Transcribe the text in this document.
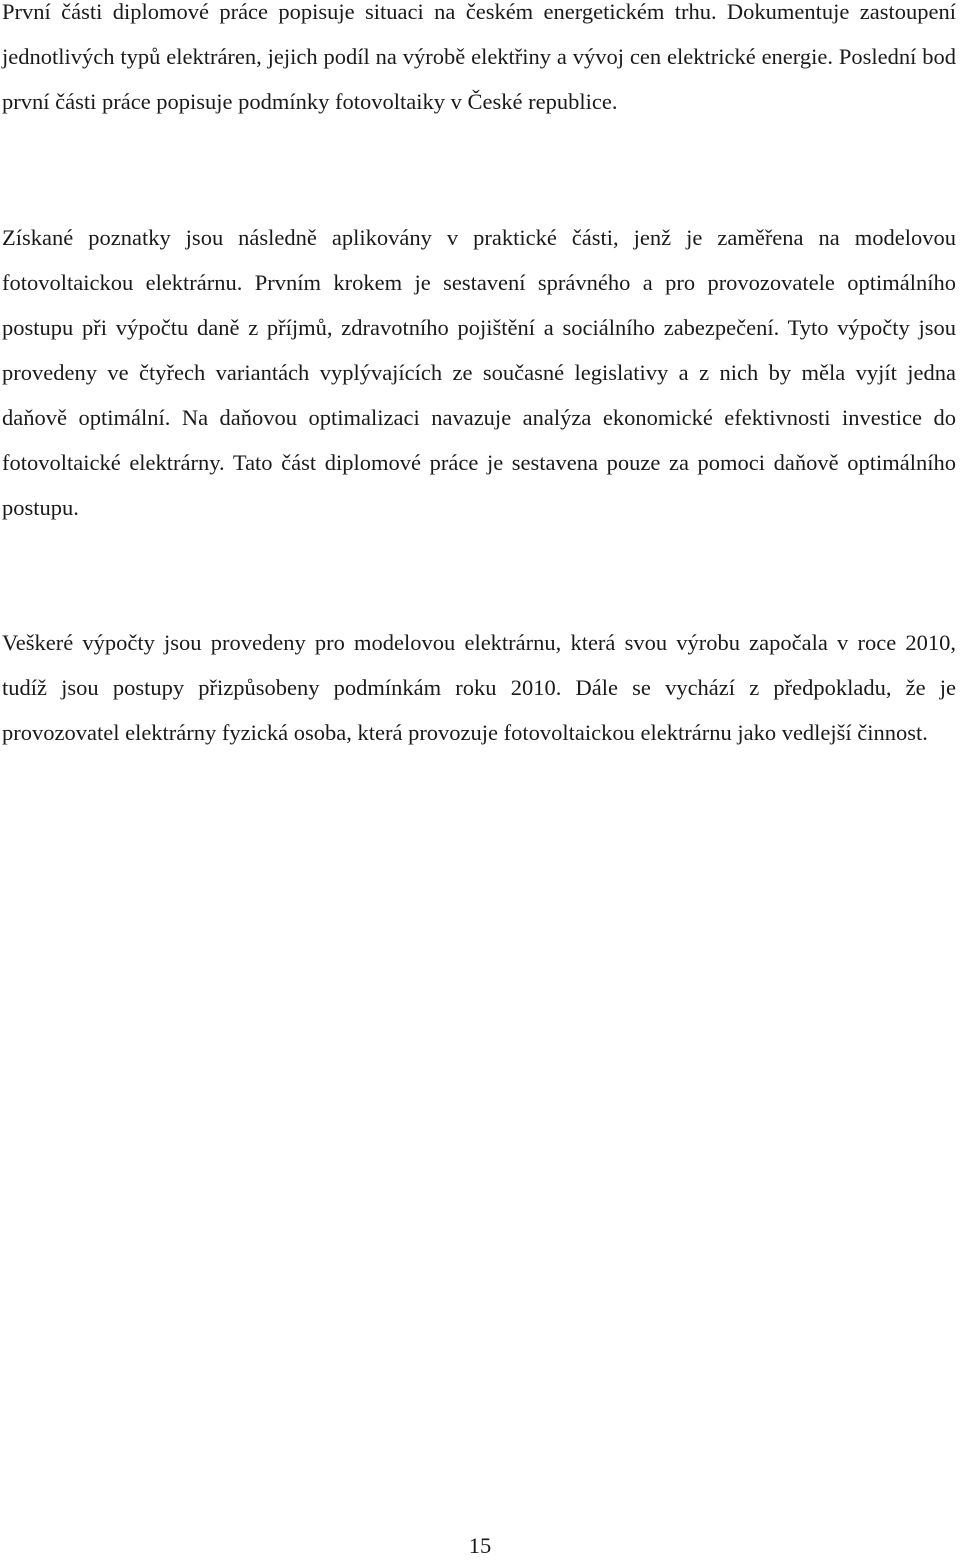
První části diplomové práce popisuje situaci na českém energetickém trhu. Dokumentuje zastoupení jednotlivých typů elektráren, jejich podíl na výrobě elektřiny a vývoj cen elektrické energie. Poslední bod první části práce popisuje podmínky fotovoltaiky v České republice.

Získané poznatky jsou následně aplikovány v praktické části, jenž je zaměřena na modelovou fotovoltaickou elektrárnu. Prvním krokem je sestavení správného a pro provozovatele optimálního postupu při výpočtu daně z příjmů, zdravotního pojištění a sociálního zabezpečení. Tyto výpočty jsou provedeny ve čtyřech variantách vyplývajících ze současné legislativy a z nich by měla vyjít jedna daňově optimální. Na daňovou optimalizaci navazuje analýza ekonomické efektivnosti investice do fotovoltaické elektrárny. Tato část diplomové práce je sestavena pouze za pomoci daňově optimálního postupu.

Veškeré výpočty jsou provedeny pro modelovou elektrárnu, která svou výrobu započala v roce 2010, tudíž jsou postupy přizpůsobeny podmínkám roku 2010. Dále se vychází z předpokladu, že je provozovatel elektrárny fyzická osoba, která provozuje fotovoltaickou elektrárnu jako vedlejší činnost.

15
